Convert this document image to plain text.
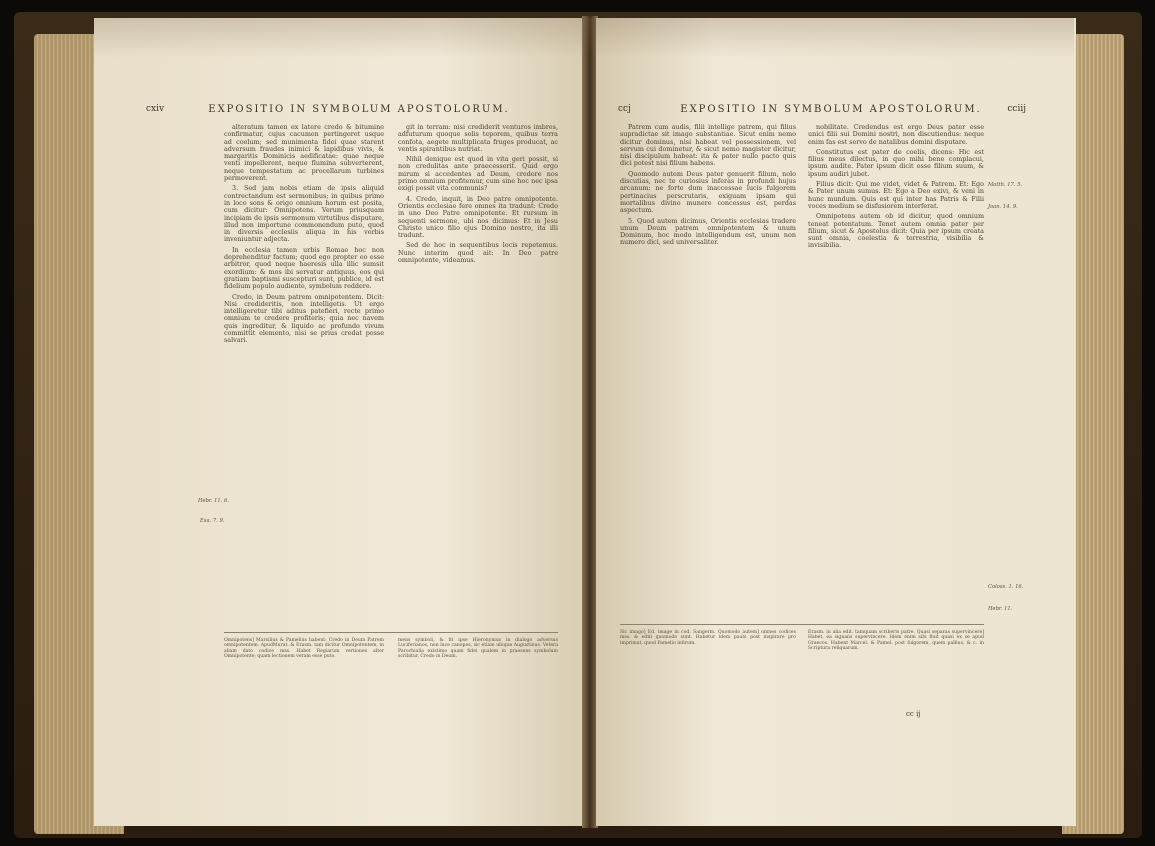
cxiv	EXPOSITIO IN SYMBOLUM APOSTOLORUM.

alteratum tamen ex latere credo & bitumine confirmatur, cujus cacumen pertingeret usque ad coelum; sed munimenta fidei quae starent adversum fraudes inimici & lapidibus vivis, & margaritis Dominicis aedificatae: quae neque venti impellerent, neque flumina subverterent, neque tempestatum ac procellarum turbines permoverent.

3. Sed jam nobis etiam de ipsis aliquid contrectandum est sermonibus; in quibus primo in loco sons & origo omnium horum est posita, cum dicitur: Omnipotens. Verum priusquam incipiam de ipsis sermonum virtutibus disputare, illud non importune commonendum puto, quod in diversis ecclesiis aliqua in his verbis inveniuntur adjecta.

In ecclesia tamen urbis Romae hoc non deprehenditur factum; quod ego propter eo esse arbitror, quod neque haeresis ulla illic sumsit exordium: & mos ibi servatur antiquus, eos qui gratiam baptismi suscepturi sunt, publice, id est fidelium populo audiente, symbolum reddere.

Credo, in Deum patrem omnipotentem. Dicit: Nisi credideritis, non intelligetis. Ut ergo intelligeretur tibi aditus patefieri, recte primo omnium te credere profiteris; quia nec navem quis ingreditur, & liquido ac profundo vivum committit elemento, nisi se prius credat posse salvari.

git in terram: nisi crediderit venturos imbres, adfuturum quoque solis teporem, quibus terra confota, aegete multiplicata fruges producat, ac ventis spirantibus nutriat.

Nihil denique est quod in vita geri possit, si non credulitas ante praecesserit. Quid ergo mirum si accedentes ad Deum, credere nos primo omnium profitemur, cum sine hoc nec ipsa exigi possit vita communis?

4. Credo, inquit, in Deo patre omnipotente. Orientis ecclesiae fere omnes ita tradunt: Credo in uno Deo Patre omnipotente. Et rursum in sequenti sermone, ubi nos dicimus: Et in Jesu Christo unico filio ejus Domino nostro, ita illi tradunt.

Sed de hoc in sequentibus locis repetemus. Nunc interim quod ait: In Deo patre omnipotente, videamus.

Hebr. 11. 6.
Esa. 7. 9.
Omnipotens] Marsilius & Pamelius habent: Credo in Deum Patrem omnipotentem. ApudMurat. & Erasm. tam dicitur Omnipotentem, in aliam dato codice mss. Habet Regiarum vertiones alter Omnipotente; quam lectionem veram esse puto.
mens symboli, & fit ipse Hieronymus in dialogo adversus Luciferianos, non luce canopos, sic etiam ubique Augustinus. Vetera Parochialia existimo quam fidei qualem in praesens symbolum scribitur, Credo in Deum.
ccj	EXPOSITIO IN SYMBOLUM APOSTOLORUM.	cciij

Patrem cum audis, filii intellige patrem, qui filius supradictae sit imago substantiae. Sicut enim nemo dicitur dominus, nisi habeat vel possessionem, vel servum cui dominetur, & sicut nemo magister dicitur, nisi discipulum habeat: ita & pater nullo pacto quis dici potest nisi filium habens.

Quomodo autem Deus pater genuerit filium, nolo discutias, nec te curiosius inferas in profundi hujus arcanum: ne forte dum inaccessae lucis fulgorem pertinacius perscrutaris, exiguam ipsam qui mortalibus divino munere concessus est, perdas aspectum.

5. Quod autem dicimus, Orientis ecclesias tradere unum Deum patrem omnipotentem & unum Dominum, hoc modo intelligendum est, unum non numero dici, sed universaliter.

nobilitate. Credendus est ergo Deus pater esse unici filii sui Domini nostri, non discutiendus: neque enim fas est servo de natalibus domini disputare.

Constitutus est pater de coelis, dicens: Hic est filius meus dilectus, in quo mihi bene complacui, ipsum audite. Pater ipsum dicit esse filium suum, & ipsum audiri jubet.

Filius dicit: Qui me videt, videt & Patrem. Et: Ego & Pater unum sumus. Et: Ego a Deo exivi, & veni in hunc mundum. Quis est qui inter has Patris & Filii voces medium se disfusiorem interferat.

Omnipotens autem ob id dicitur, quod omnium teneat potentatum. Tenet autem omnia pater per filium, sicut & Apostolus dicit: Quia per ipsum creata sunt omnia, coelestia & terrestria, visibilia & invisibilia.

Matth. 17. 5.
Joan. 14. 9.
Coloss. 1. 16.
Hebr. 11.
Sic imago] Ed. image in cod. Sangerm. Quomodo autem] omnes codices mss. & editi quomodo sunt. Habetur idem paulo post inspirare pro imprimat, quod Pamelio infirum.
Erasm. in alia edit. tamquam scriberis patre. Quasi separas supervincere] Habet, ea signans supervincere. Idem enim sibi fluit quasi ex se apud Graecos. Habent Marcel. & Pamel. post fulgorem, quem pallius, & c. in Scriptura reliquarum.
cc ij
